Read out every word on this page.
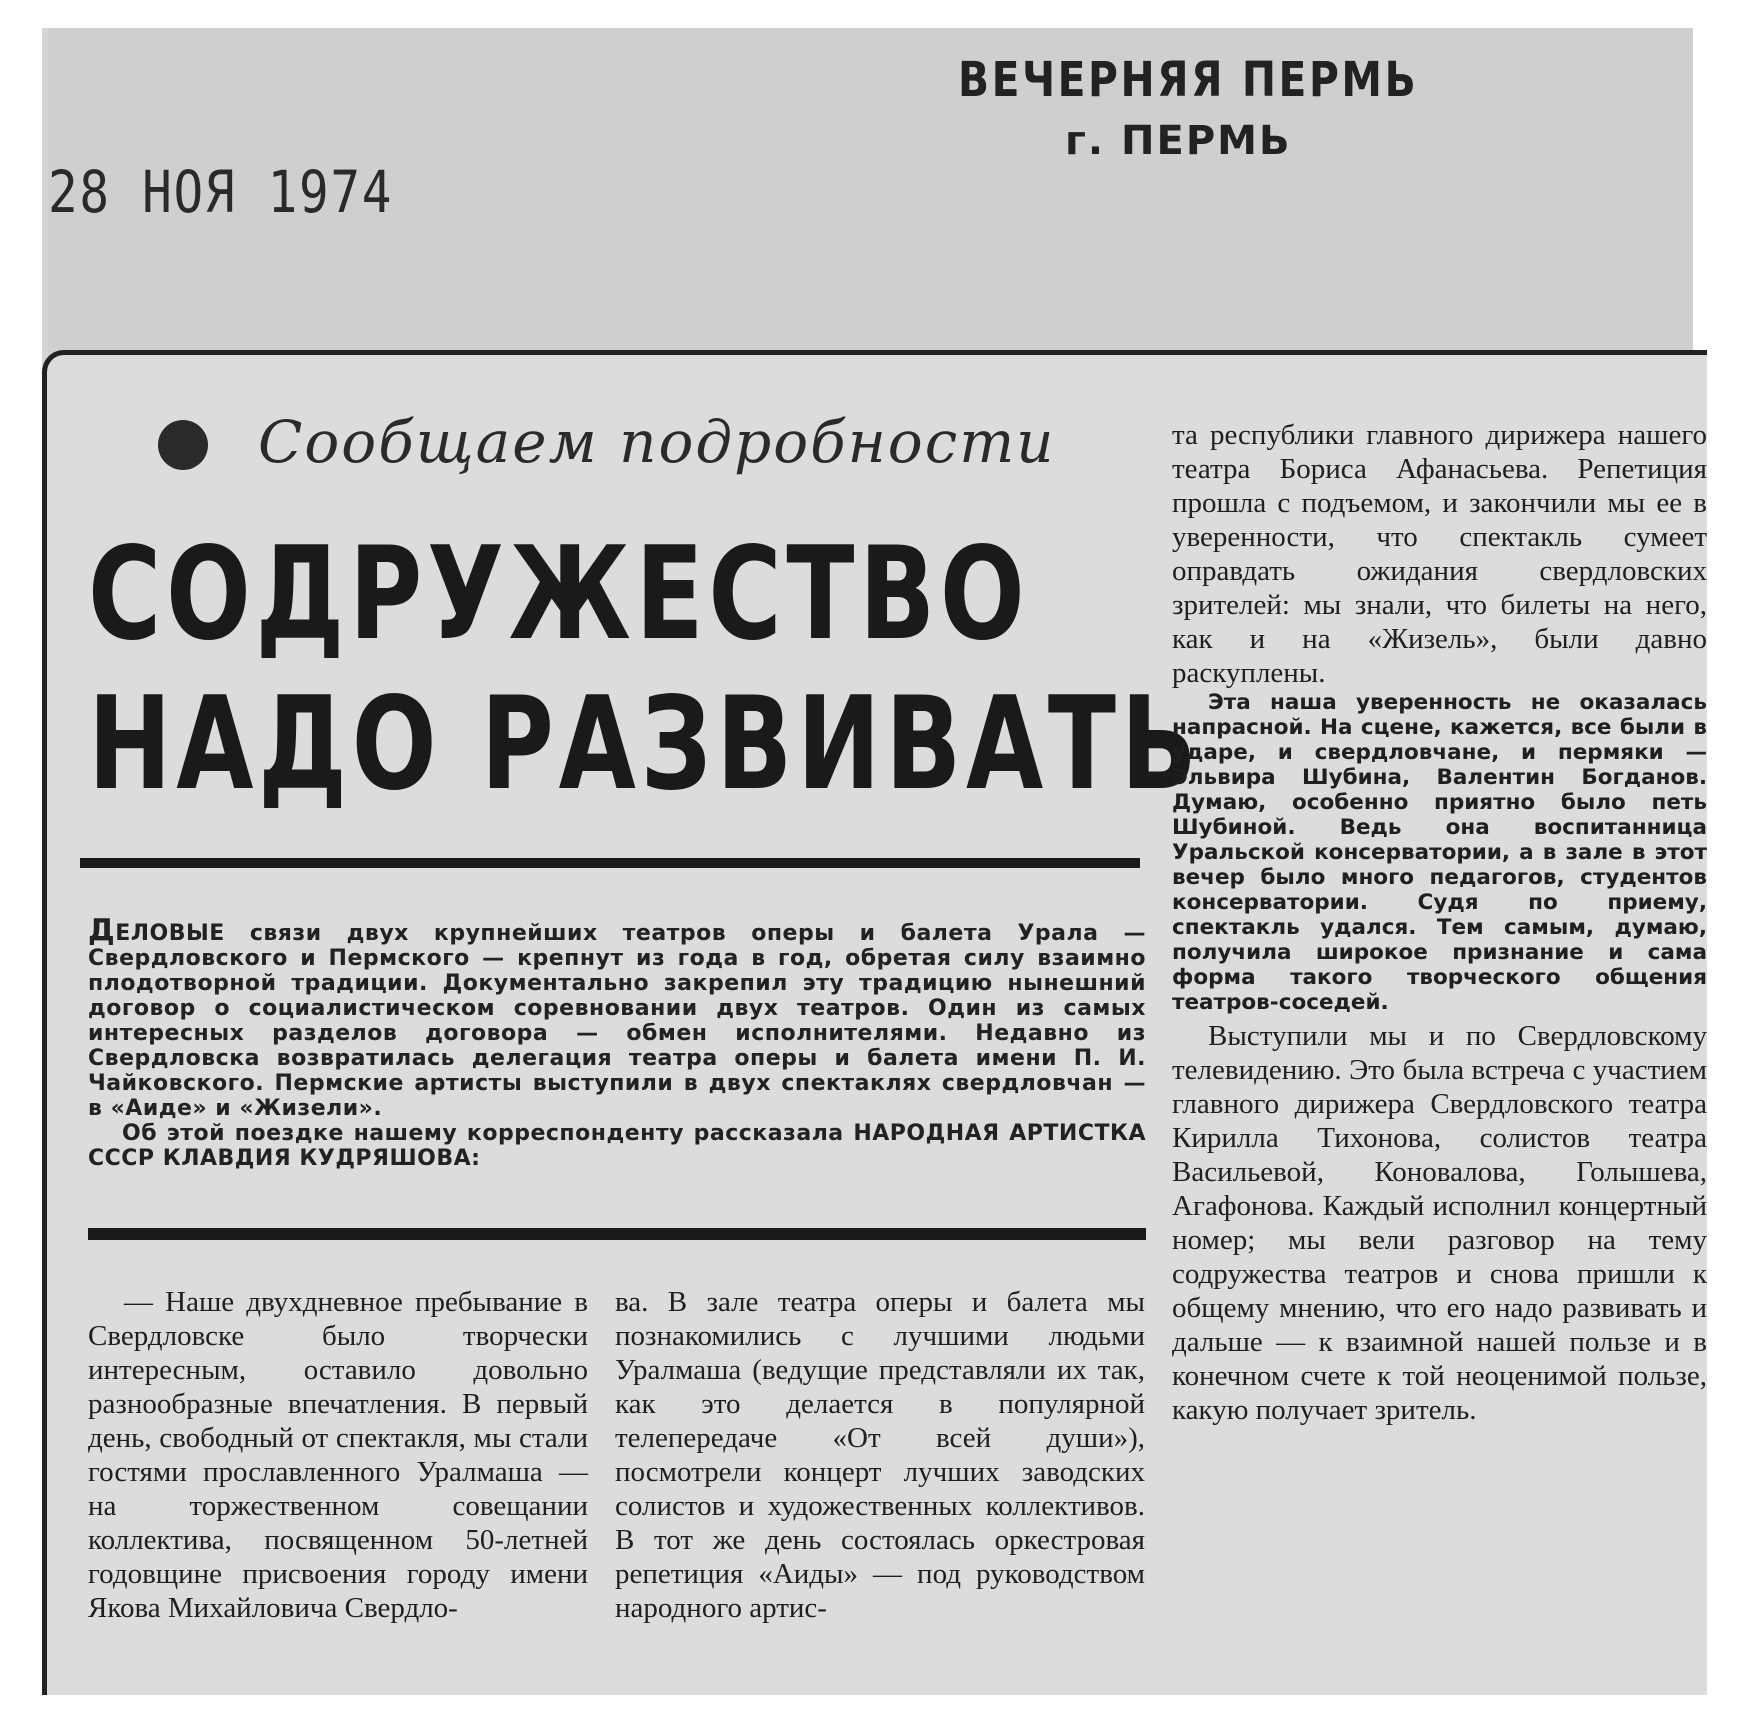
ВЕЧЕРНЯЯ ПЕРМЬ
г. ПЕРМЬ
28 НОЯ 1974
Сообщаем подробности
СОДРУЖЕСТВО
НАДО РАЗВИВАТЬ

ДЕЛОВЫЕ связи двух крупнейших театров оперы и балета Урала — Свердловского и Пермского — крепнут из года в год, обретая силу взаимно плодотворной традиции. Документально закрепил эту традицию нынешний договор о социалистическом соревновании двух театров. Один из самых интересных разделов договора — обмен исполнителями. Недавно из Свердловска возвратилась делегация театра оперы и балета имени П. И. Чайковского. Пермские артисты выступили в двух спектаклях свердловчан — в «Аиде» и «Жизели».

Об этой поездке нашему корреспонденту рассказала НАРОДНАЯ АРТИСТКА СССР КЛАВДИЯ КУДРЯШОВА:

— Наше двухдневное пребывание в Свердловске было творчески интересным, оставило довольно разнообразные впечатления. В первый день, свободный от спектакля, мы стали гостями прославленного Уралмаша — на торжественном совещании коллектива, посвященном 50-летней годовщине присвоения городу имени Якова Михайловича Свердло-

ва. В зале театра оперы и балета мы познакомились с лучшими людьми Уралмаша (ведущие представляли их так, как это делается в популярной телепередаче «От всей души»), посмотрели концерт лучших заводских солистов и художественных коллективов. В тот же день состоялась оркестровая репетиция «Аиды» — под руководством народного артис-

та республики главного дирижера нашего театра Бориса Афанасьева. Репетиция прошла с подъемом, и закончили мы ее в уверенности, что спектакль сумеет оправдать ожидания свердловских зрителей: мы знали, что билеты на него, как и на «Жизель», были давно раскуплены.

Эта наша уверенность не оказалась напрасной. На сцене, кажется, все были в ударе, и свердловчане, и пермяки — Эльвира Шубина, Валентин Богданов. Думаю, особенно приятно было петь Шубиной. Ведь она воспитанница Уральской консерватории, а в зале в этот вечер было много педагогов, студентов консерватории. Судя по приему, спектакль удался. Тем самым, думаю, получила широкое признание и сама форма такого творческого общения театров-соседей.

Выступили мы и по Свердловскому телевидению. Это была встреча с участием главного дирижера Свердловского театра Кирилла Тихонова, солистов театра Васильевой, Коновалова, Голышева, Агафонова. Каждый исполнил концертный номер; мы вели разговор на тему содружества театров и снова пришли к общему мнению, что его надо развивать и дальше — к взаимной нашей пользе и в конечном счете к той неоценимой пользе, какую получает зритель.
